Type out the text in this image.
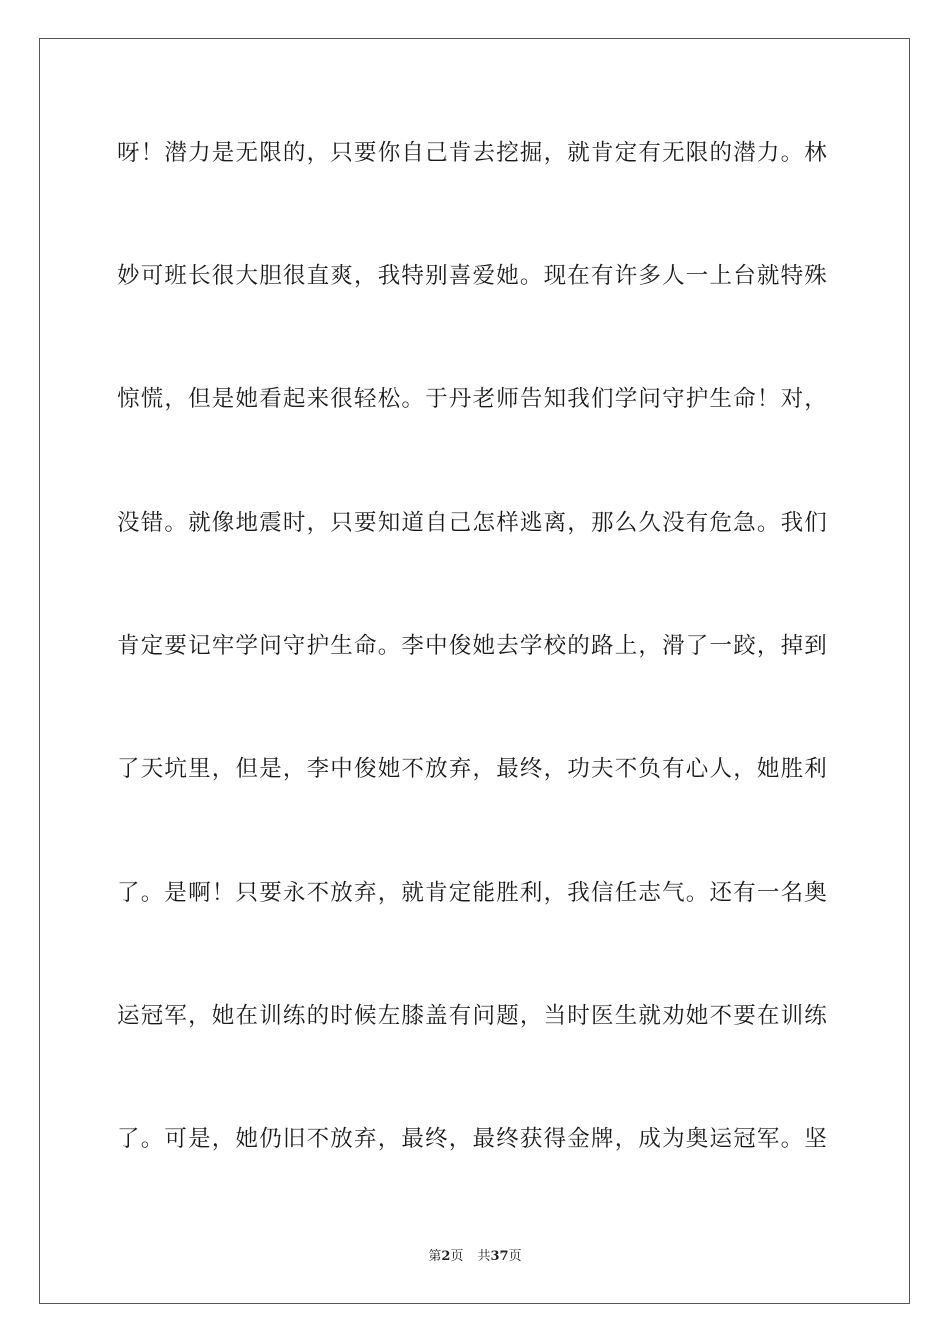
呀！潜力是无限的，只要你自己肯去挖掘，就肯定有无限的潜力。林
妙可班长很大胆很直爽，我特别喜爱她。现在有许多人一上台就特殊
惊慌，但是她看起来很轻松。于丹老师告知我们学问守护生命！对，
没错。就像地震时，只要知道自己怎样逃离，那么久没有危急。我们
肯定要记牢学问守护生命。李中俊她去学校的路上，滑了一跤，掉到
了天坑里，但是，李中俊她不放弃，最终，功夫不负有心人，她胜利
了。是啊！只要永不放弃，就肯定能胜利，我信任志气。还有一名奥
运冠军，她在训练的时候左膝盖有问题，当时医生就劝她不要在训练
了。可是，她仍旧不放弃，最终，最终获得金牌，成为奥运冠军。坚
第2页 共37页
